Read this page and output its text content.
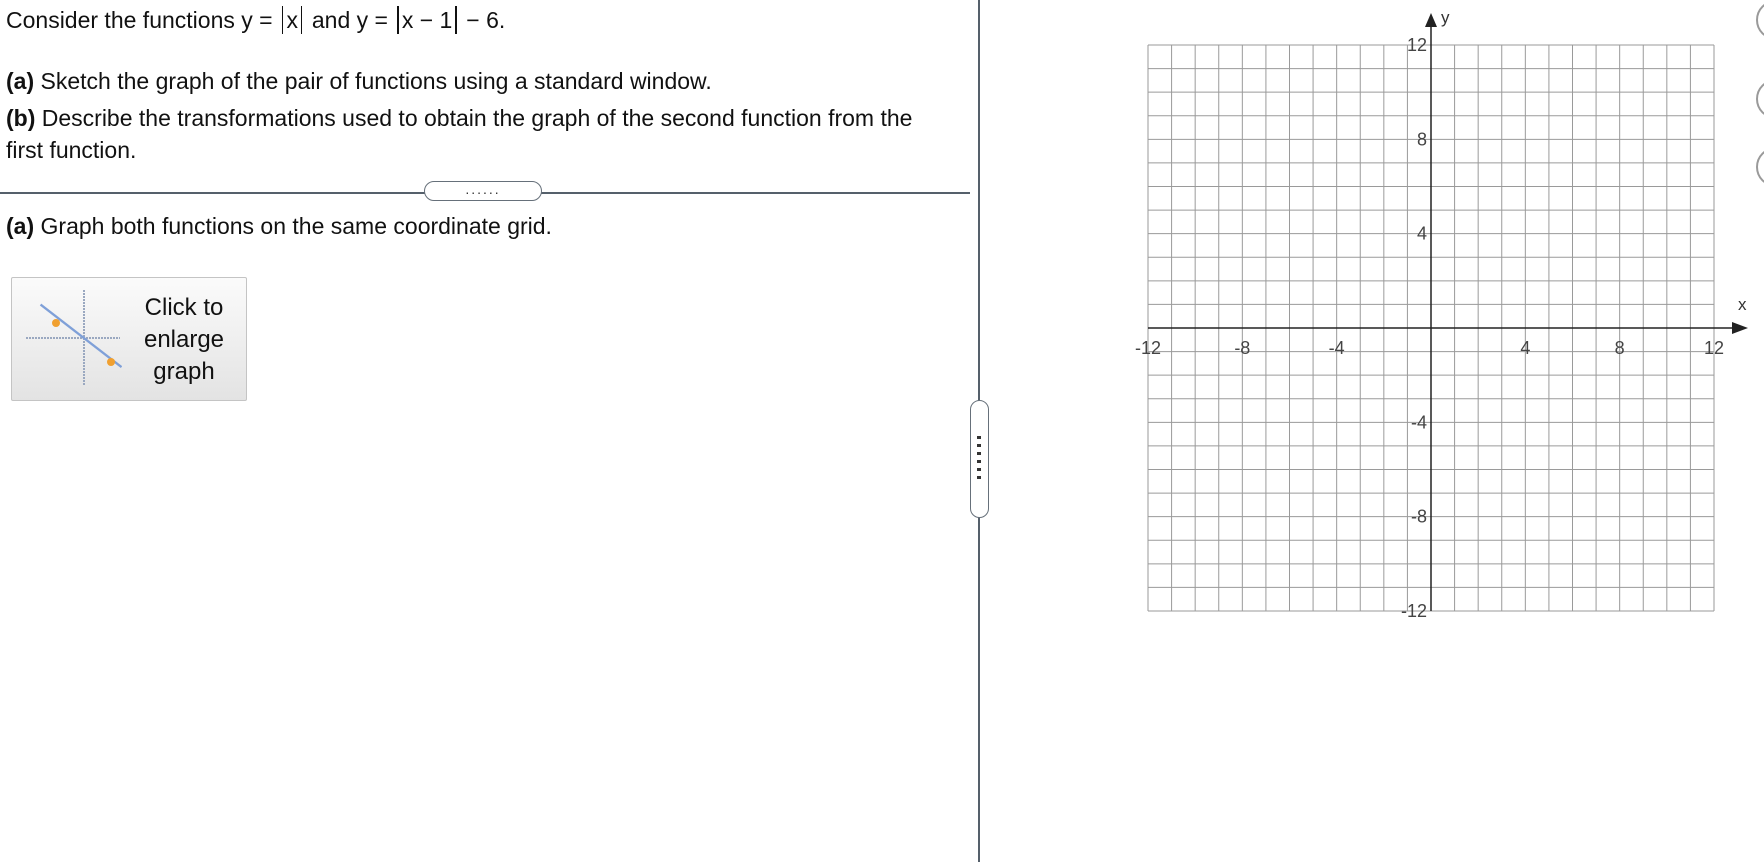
Consider the functions y = x and y = x − 1 − 6.
(a) Sketch the graph of the pair of functions using a standard window.
(b) Describe the transformations used to obtain the graph of the second function from the first function.
......
(a) Graph both functions on the same coordinate grid.
Click to
enlarge
graph
x
y
-12	-8	-4	4	8	12
12
8
4
-4
-8
-12
